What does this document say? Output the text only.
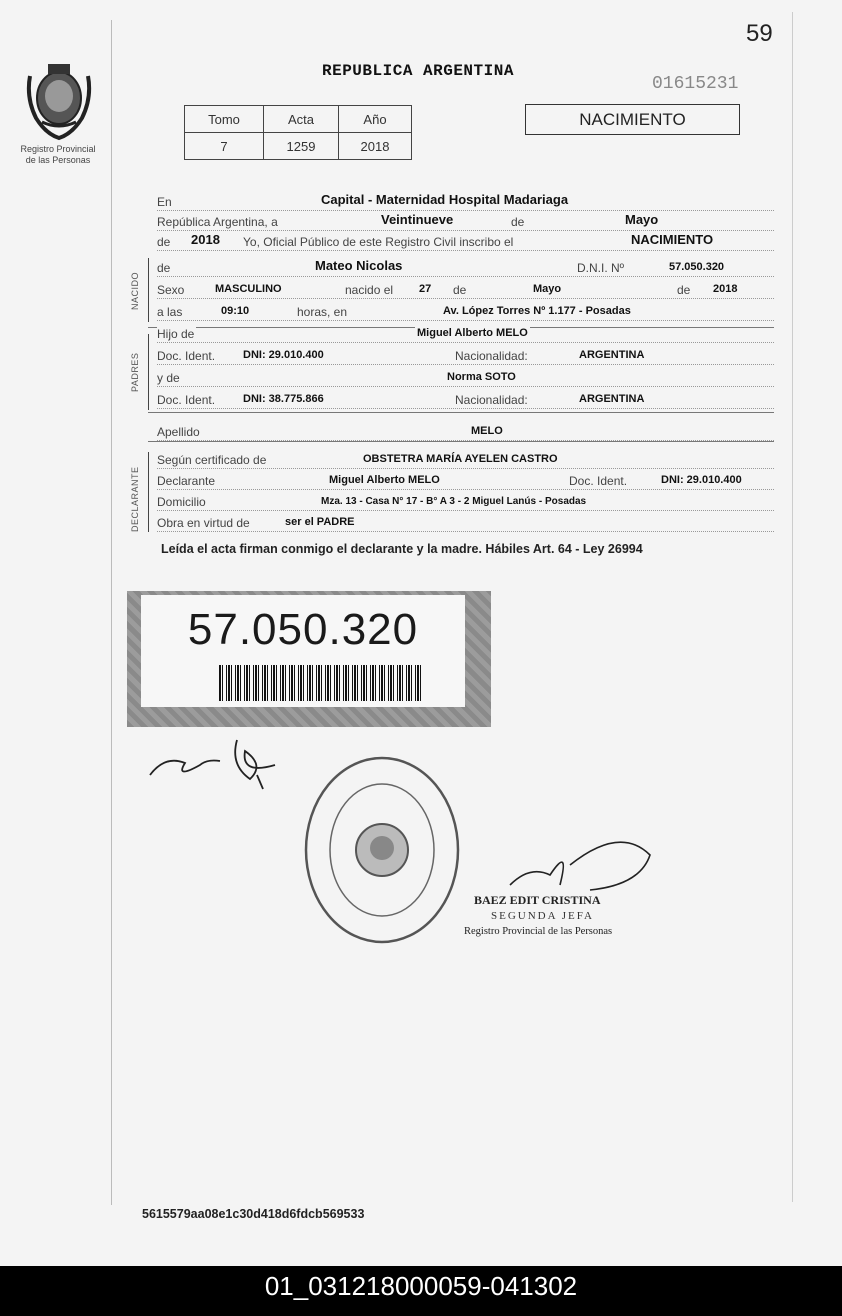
59
Registro Provincial
de las Personas
REPUBLICA ARGENTINA
01615231
NACIMIENTO
Tomo	Acta	Año
7	1259	2018
En	Capital - Maternidad Hospital Madariaga
República Argentina, a	Veintinueve	de	Mayo
de 2018 Yo, Oficial Público de este Registro Civil inscribo el	NACIMIENTO
NACIDO
de	Mateo Nicolas	D.N.I. Nº	57.050.320
Sexo	MASCULINO	nacido el 27 de	Mayo	de 2018
a las	09:10	horas, en	Av. López Torres Nº 1.177 - Posadas
PADRES
Hijo de	Miguel Alberto MELO
Doc. Ident.	DNI: 29.010.400	Nacionalidad:	ARGENTINA
y de	Norma SOTO
Doc. Ident.	DNI: 38.775.866	Nacionalidad:	ARGENTINA
Apellido	MELO
DECLARANTE
Según certificado de	OBSTETRA MARÍA AYELEN CASTRO
Declarante	Miguel Alberto MELO	Doc. Ident.	DNI: 29.010.400
Domicilio	Mza. 13 - Casa N° 17 - B° A 3 - 2 Miguel Lanús - Posadas
Obra en virtud de	ser el PADRE
Leída el acta firman conmigo el declarante y la madre. Hábiles Art. 64 - Ley 26994
57.050.320
BAEZ EDIT CRISTINA
SEGUNDA JEFA
Registro Provincial de las Personas
5615579aa08e1c30d418d6fdcb569533
01_031218000059-041302
